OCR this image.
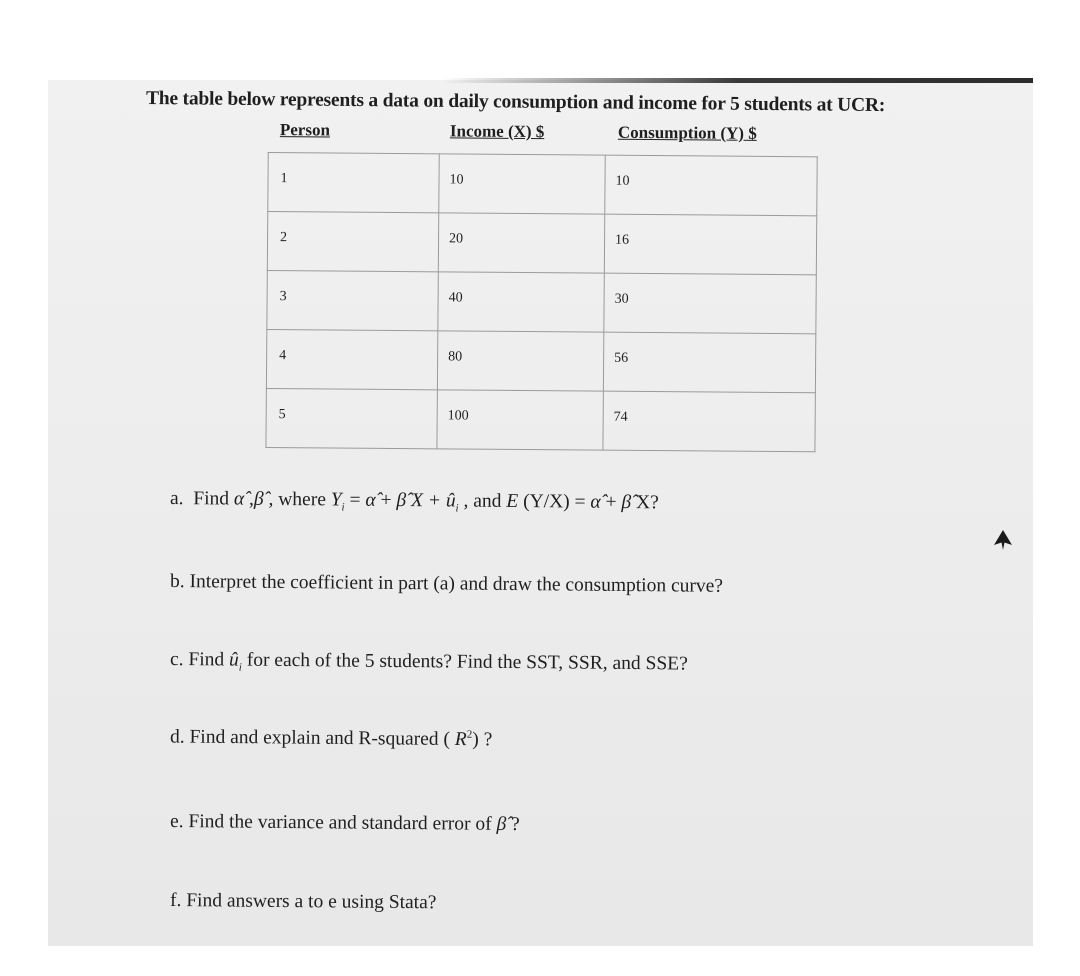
The table below represents a data on daily consumption and income for 5 students at UCR:
Person	Income (X) $	Consumption (Y) $
1	10	10
2	20	16
3	40	30
4	80	56
5	100	74
a. Find α̂ ,β̂ , where $Y_i$ = α̂ + β̂ $X + û_i$ , and E (Y/X) = α̂ + β̂ X?
b. Interpret the coefficient in part (a) and draw the consumption curve?
c. Find $û_i$ for each of the 5 students? Find the SST, SSR, and SSE?
d. Find and explain and R-squared ( $R^2$) ?
e. Find the variance and standard error of β̂ ?
f. Find answers a to e using Stata?
